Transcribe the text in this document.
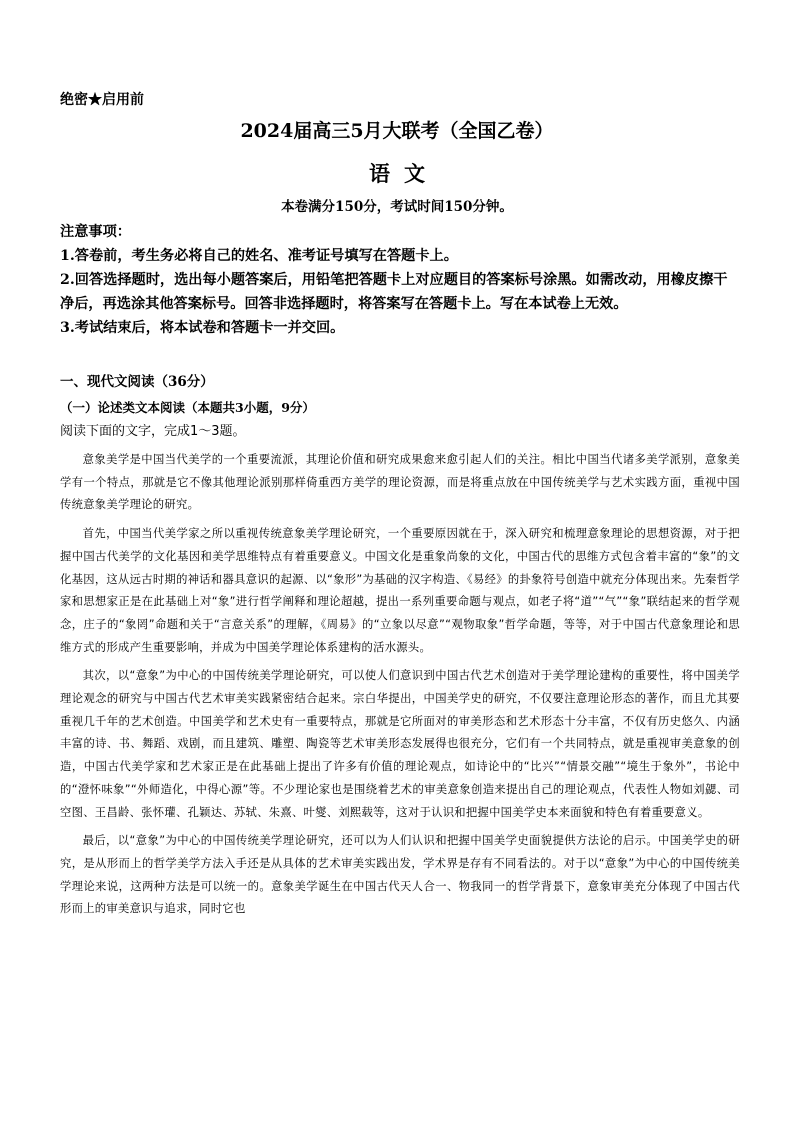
绝密★启用前
2024届高三5月大联考（全国乙卷）
语文
本卷满分150分，考试时间150分钟。
注意事项：
1.答卷前，考生务必将自己的姓名、准考证号填写在答题卡上。
2.回答选择题时，选出每小题答案后，用铅笔把答题卡上对应题目的答案标号涂黑。如需改动，用橡皮擦干净后，再选涂其他答案标号。回答非选择题时，将答案写在答题卡上。写在本试卷上无效。
3.考试结束后，将本试卷和答题卡一并交回。
一、现代文阅读（36分）
（一）论述类文本阅读（本题共3小题，9分）
阅读下面的文字，完成1～3题。

意象美学是中国当代美学的一个重要流派，其理论价值和研究成果愈来愈引起人们的关注。相比中国当代诸多美学派别，意象美学有一个特点，那就是它不像其他理论派别那样倚重西方美学的理论资源，而是将重点放在中国传统美学与艺术实践方面，重视中国传统意象美学理论的研究。

首先，中国当代美学家之所以重视传统意象美学理论研究，一个重要原因就在于，深入研究和梳理意象理论的思想资源，对于把握中国古代美学的文化基因和美学思维特点有着重要意义。中国文化是重象尚象的文化，中国古代的思维方式包含着丰富的“象”的文化基因，这从远古时期的神话和器具意识的起源、以“象形”为基础的汉字构造、《易经》的卦象符号创造中就充分体现出来。先秦哲学家和思想家正是在此基础上对“象”进行哲学阐释和理论超越，提出一系列重要命题与观点，如老子将“道”“气”“象”联结起来的哲学观念，庄子的“象罔”命题和关于“言意关系”的理解，《周易》的“立象以尽意”“观物取象”哲学命题，等等，对于中国古代意象理论和思维方式的形成产生重要影响，并成为中国美学理论体系建构的活水源头。

其次，以“意象”为中心的中国传统美学理论研究，可以使人们意识到中国古代艺术创造对于美学理论建构的重要性，将中国美学理论观念的研究与中国古代艺术审美实践紧密结合起来。宗白华提出，中国美学史的研究，不仅要注意理论形态的著作，而且尤其要重视几千年的艺术创造。中国美学和艺术史有一重要特点，那就是它所面对的审美形态和艺术形态十分丰富，不仅有历史悠久、内涵丰富的诗、书、舞蹈、戏剧，而且建筑、雕塑、陶瓷等艺术审美形态发展得也很充分，它们有一个共同特点，就是重视审美意象的创造，中国古代美学家和艺术家正是在此基础上提出了许多有价值的理论观点，如诗论中的“比兴”“情景交融”“境生于象外”，书论中的“澄怀味象”“外师造化，中得心源”等。不少理论家也是围绕着艺术的审美意象创造来提出自己的理论观点，代表性人物如刘勰、司空图、王昌龄、张怀瓘、孔颖达、苏轼、朱熹、叶燮、刘熙载等，这对于认识和把握中国美学史本来面貌和特色有着重要意义。

最后，以“意象”为中心的中国传统美学理论研究，还可以为人们认识和把握中国美学史面貌提供方法论的启示。中国美学史的研究，是从形而上的哲学美学方法入手还是从具体的艺术审美实践出发，学术界是存有不同看法的。对于以“意象”为中心的中国传统美学理论来说，这两种方法是可以统一的。意象美学诞生在中国古代天人合一、物我同一的哲学背景下，意象审美充分体现了中国古代形而上的审美意识与追求，同时它也
